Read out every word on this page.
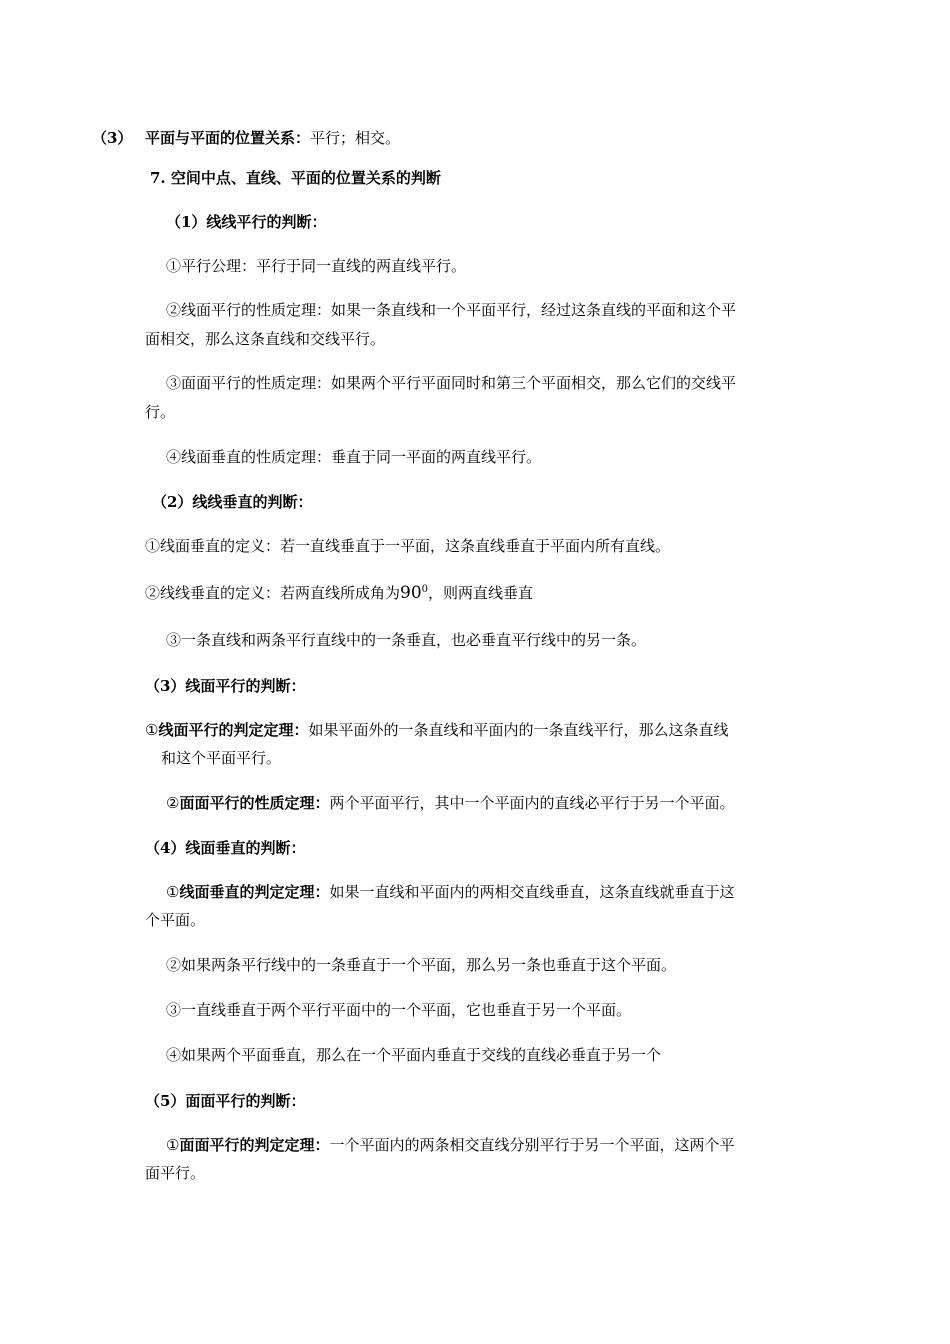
（3） 平面与平面的位置关系：平行；相交。
7. 空间中点、直线、平面的位置关系的判断
（1）线线平行的判断：
①平行公理：平行于同一直线的两直线平行。
②线面平行的性质定理：如果一条直线和一个平面平行，经过这条直线的平面和这个平
面相交，那么这条直线和交线平行。
③面面平行的性质定理：如果两个平行平面同时和第三个平面相交，那么它们的交线平
行。
④线面垂直的性质定理：垂直于同一平面的两直线平行。
（2）线线垂直的判断：
①线面垂直的定义：若一直线垂直于一平面，这条直线垂直于平面内所有直线。
②线线垂直的定义：若两直线所成角为$90^0$，则两直线垂直
③一条直线和两条平行直线中的一条垂直，也必垂直平行线中的另一条。
（3）线面平行的判断：
①线面平行的判定定理：如果平面外的一条直线和平面内的一条直线平行，那么这条直线
和这个平面平行。
②面面平行的性质定理：两个平面平行，其中一个平面内的直线必平行于另一个平面。
（4）线面垂直的判断：
①线面垂直的判定定理：如果一直线和平面内的两相交直线垂直，这条直线就垂直于这
个平面。
②如果两条平行线中的一条垂直于一个平面，那么另一条也垂直于这个平面。
③一直线垂直于两个平行平面中的一个平面，它也垂直于另一个平面。
④如果两个平面垂直，那么在一个平面内垂直于交线的直线必垂直于另一个
（5）面面平行的判断：
①面面平行的判定定理：一个平面内的两条相交直线分别平行于另一个平面，这两个平
面平行。
